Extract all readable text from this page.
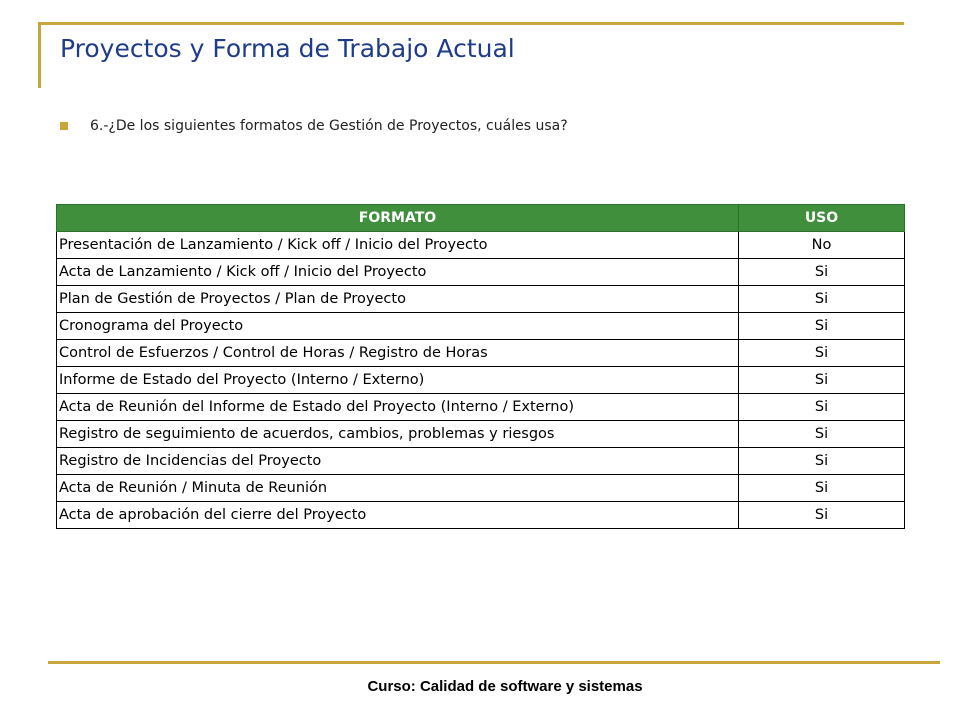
Proyectos y Forma de Trabajo Actual
6.-¿De los siguientes formatos de Gestión de Proyectos, cuáles usa?
FORMATO	USO
Presentación de Lanzamiento / Kick off / Inicio del Proyecto	No
Acta de Lanzamiento / Kick off / Inicio del Proyecto	Si
Plan de Gestión de Proyectos / Plan de Proyecto	Si
Cronograma del Proyecto	Si
Control de Esfuerzos / Control de Horas / Registro de Horas	Si
Informe de Estado del Proyecto (Interno / Externo)	Si
Acta de Reunión del Informe de Estado del Proyecto (Interno / Externo)	Si
Registro de seguimiento de acuerdos, cambios, problemas y riesgos	Si
Registro de Incidencias del Proyecto	Si
Acta de Reunión / Minuta de Reunión	Si
Acta de aprobación del cierre del Proyecto	Si
Curso: Calidad de software y sistemas
